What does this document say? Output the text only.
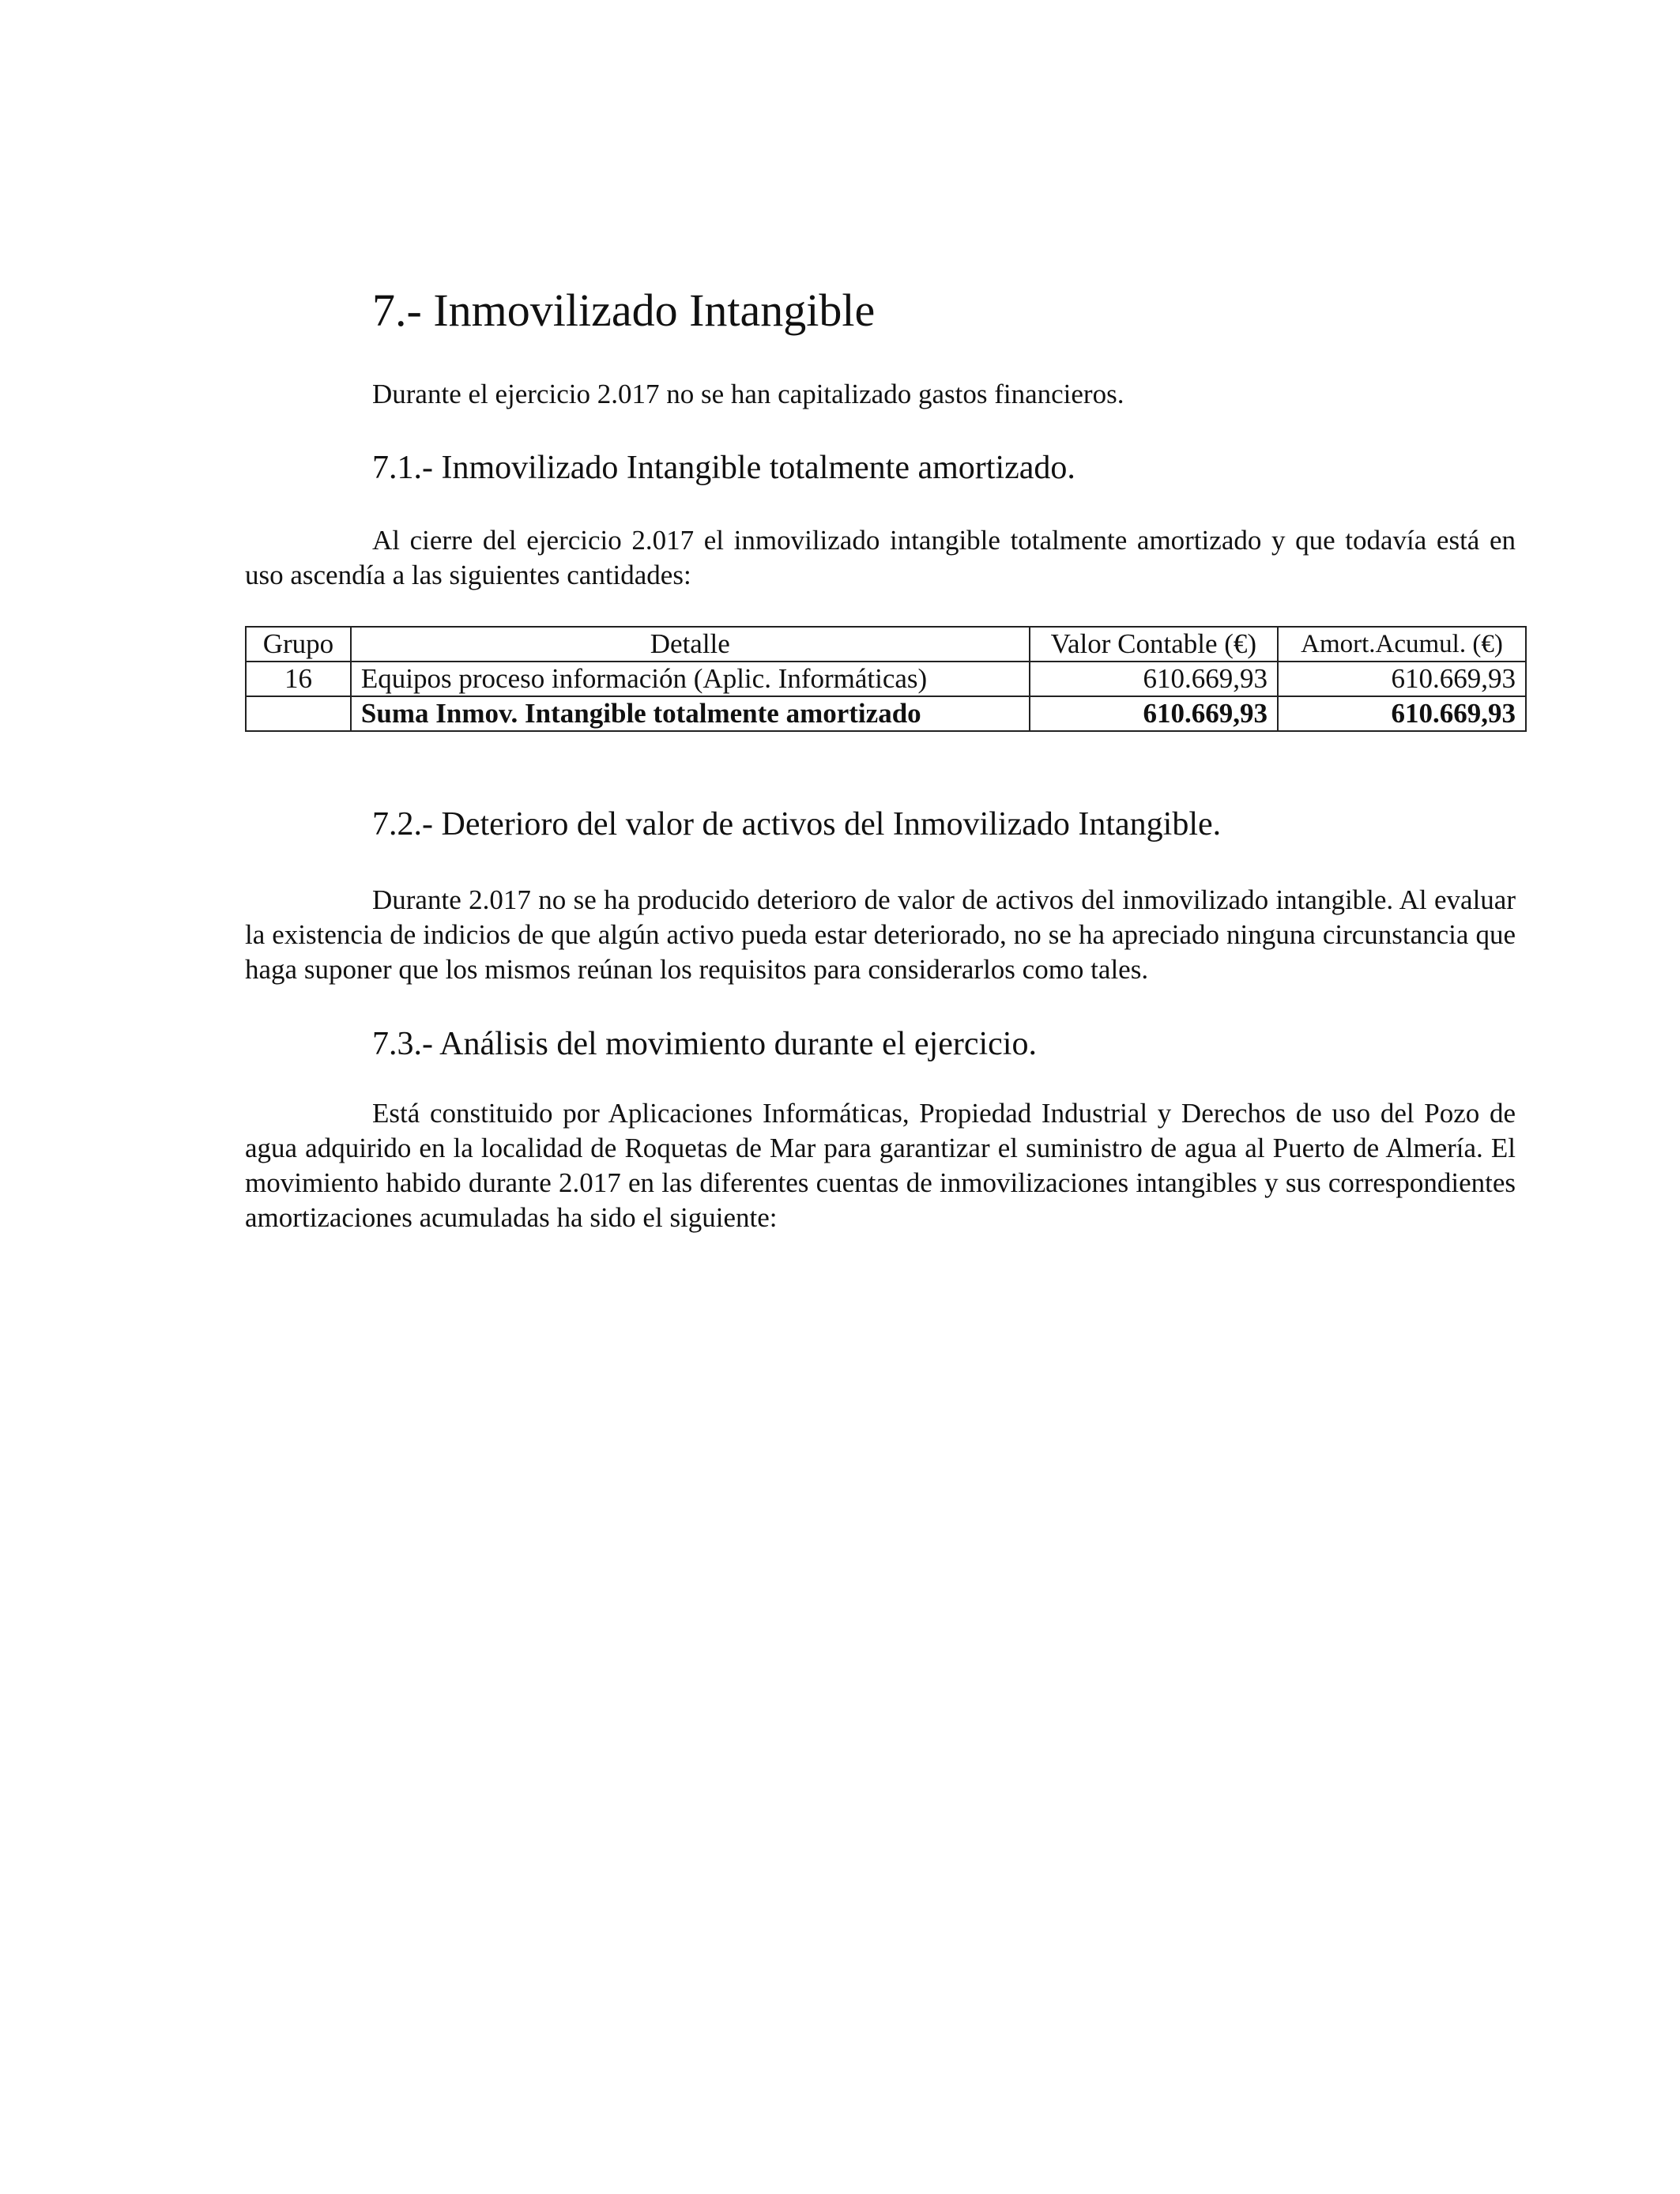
7.- Inmovilizado Intangible
Durante el ejercicio 2.017 no se han capitalizado gastos financieros.
7.1.- Inmovilizado Intangible totalmente amortizado.
Al cierre del ejercicio 2.017 el inmovilizado intangible totalmente amortizado y que todavía está en uso ascendía a las siguientes cantidades:
Grupo	Detalle	Valor Contable (€)	Amort.Acumul. (€)
16	Equipos proceso información (Aplic. Informáticas)	610.669,93	610.669,93
	Suma Inmov. Intangible totalmente amortizado	610.669,93	610.669,93
7.2.- Deterioro del valor de activos del Inmovilizado Intangible.
Durante 2.017 no se ha producido deterioro de valor de activos del inmovilizado intangible. Al evaluar la existencia de indicios de que algún activo pueda estar deteriorado, no se ha apreciado ninguna circunstancia que haga suponer que los mismos reúnan los requisitos para considerarlos como tales.
7.3.- Análisis del movimiento durante el ejercicio.
Está constituido por Aplicaciones Informáticas, Propiedad Industrial y Derechos de uso del Pozo de agua adquirido en la localidad de Roquetas de Mar para garantizar el suministro de agua al Puerto de Almería. El movimiento habido durante 2.017 en las diferentes cuentas de inmovilizaciones intangibles y sus correspondientes amortizaciones acumuladas ha sido el siguiente:
